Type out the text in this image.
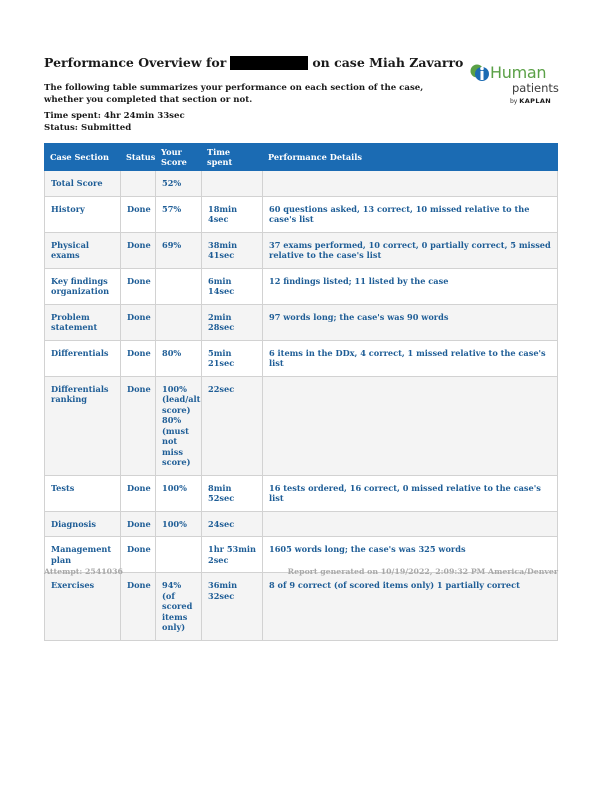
Performance Overview for	on case Miah Zavarro
Human
patients
by KAPLAN
The following table summarizes your performance on each section of the case, whether you completed that section or not.
Time spent: 4hr 24min 33sec
Status: Submitted
Case Section	Status	Your Score	Time spent	Performance Details
Total Score		52%		
History	Done	57%	18min 4sec	60 questions asked, 13 correct, 10 missed relative to the case's list
Physical exams	Done	69%	38min 41sec	37 exams performed, 10 correct, 0 partially correct, 5 missed relative to the case's list
Key findings organization	Done		6min 14sec	12 findings listed; 11 listed by the case
Problem statement	Done		2min 28sec	97 words long; the case's was 90 words
Differentials	Done	80%	5min 21sec	6 items in the DDx, 4 correct, 1 missed relative to the case's list
Differentials ranking	Done	100% (lead/alt score) 80% (must not miss score)	22sec	
Tests	Done	100%	8min 52sec	16 tests ordered, 16 correct, 0 missed relative to the case's list
Diagnosis	Done	100%	24sec	
Management plan	Done		1hr 53min 2sec	1605 words long; the case's was 325 words
Exercises	Done	94% (of scored items only)	36min 32sec	8 of 9 correct (of scored items only) 1 partially correct
Attempt: 2541036	Report generated on 10/19/2022, 2:09:32 PM America/Denver
